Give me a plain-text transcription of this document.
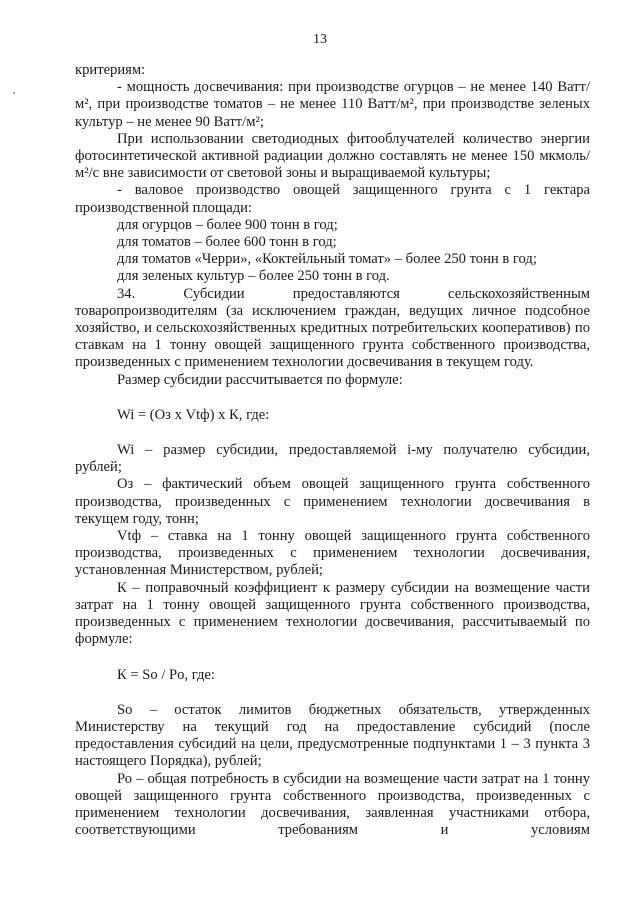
13

критериям:

- мощность досвечивания: при производстве огурцов – не менее 140 Ватт/м², при производстве томатов – не менее 110 Ватт/м², при производстве зеленых культур – не менее 90 Ватт/м²;

При использовании светодиодных фитооблучателей количество энергии фотосинтетической активной радиации должно составлять не менее 150 мкмоль/м²/с вне зависимости от световой зоны и выращиваемой культуры;

- валовое производство овощей защищенного грунта с 1 гектара производственной площади:

для огурцов – более 900 тонн в год;

для томатов – более 600 тонн в год;

для томатов «Черри», «Коктейльный томат» – более 250 тонн в год;

для зеленых культур – более 250 тонн в год.

34. Субсидии предоставляются сельскохозяйственным товаропроизводителям (за исключением граждан, ведущих личное подсобное хозяйство, и сельскохозяйственных кредитных потребительских кооперативов) по ставкам на 1 тонну овощей защищенного грунта собственного производства, произведенных с применением технологии досвечивания в текущем году.

Размер субсидии рассчитывается по формуле:

Wi = (Оз х Vtф) х К, где:

Wi – размер субсидии, предоставляемой i-му получателю субсидии, рублей;

Оз – фактический объем овощей защищенного грунта собственного производства, произведенных с применением технологии досвечивания в текущем году, тонн;

Vtф – ставка на 1 тонну овощей защищенного грунта собственного производства, произведенных с применением технологии досвечивания, установленная Министерством, рублей;

К – поправочный коэффициент к размеру субсидии на возмещение части затрат на 1 тонну овощей защищенного грунта собственного производства, произведенных с применением технологии досвечивания, рассчитываемый по формуле:

К = So / Po, где:

So – остаток лимитов бюджетных обязательств, утвержденных Министерству на текущий год на предоставление субсидий (после предоставления субсидий на цели, предусмотренные подпунктами 1 – 3 пункта 3 настоящего Порядка), рублей;

Ро – общая потребность в субсидии на возмещение части затрат на 1 тонну овощей защищенного грунта собственного производства, произведенных с применением технологии досвечивания, заявленная участниками отбора, соответствующими требованиям и условиям
